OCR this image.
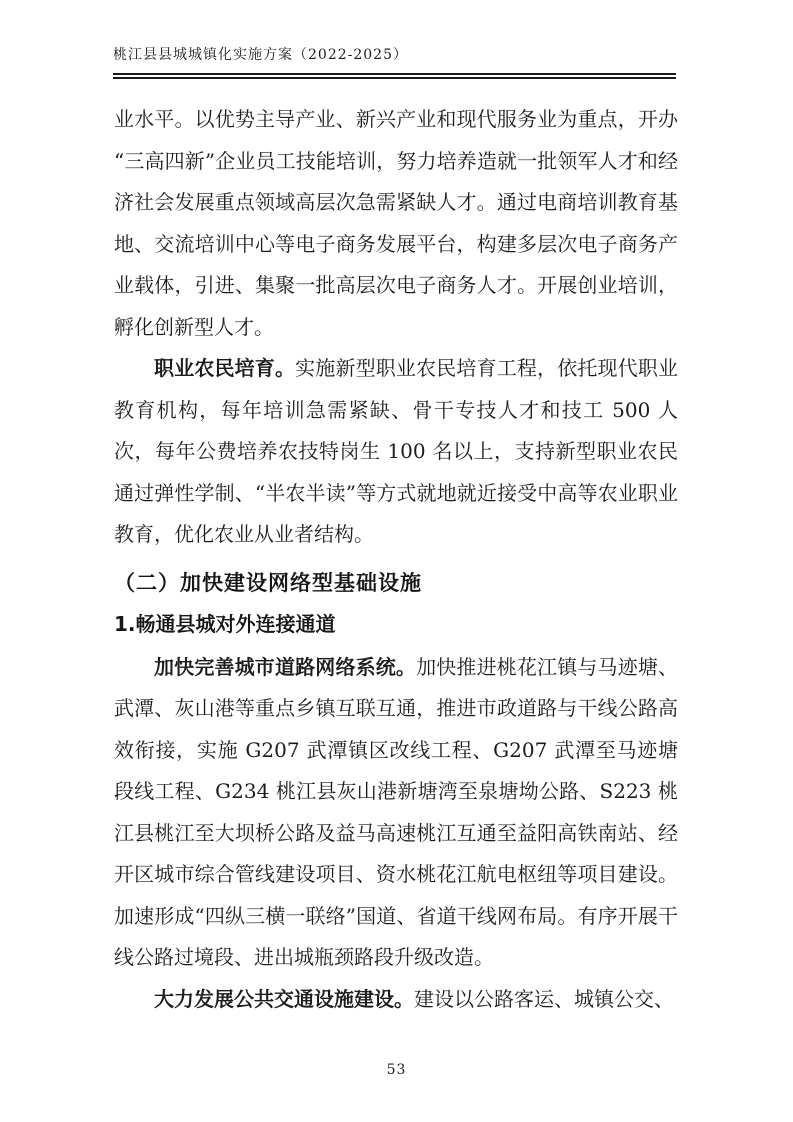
桃江县县城城镇化实施方案（2022-2025）

业水平。以优势主导产业、新兴产业和现代服务业为重点，开办“三高四新”企业员工技能培训，努力培养造就一批领军人才和经济社会发展重点领域高层次急需紧缺人才。通过电商培训教育基地、交流培训中心等电子商务发展平台，构建多层次电子商务产业载体，引进、集聚一批高层次电子商务人才。开展创业培训，孵化创新型人才。

职业农民培育。实施新型职业农民培育工程，依托现代职业教育机构，每年培训急需紧缺、骨干专技人才和技工 500 人次，每年公费培养农技特岗生 100 名以上，支持新型职业农民通过弹性学制、“半农半读”等方式就地就近接受中高等农业职业教育，优化农业从业者结构。

（二）加快建设网络型基础设施
1.畅通县城对外连接通道

加快完善城市道路网络系统。加快推进桃花江镇与马迹塘、武潭、灰山港等重点乡镇互联互通，推进市政道路与干线公路高效衔接，实施 G207 武潭镇区改线工程、G207 武潭至马迹塘段线工程、G234 桃江县灰山港新塘湾至泉塘坳公路、S223 桃江县桃江至大坝桥公路及益马高速桃江互通至益阳高铁南站、经开区城市综合管线建设项目、资水桃花江航电枢纽等项目建设。加速形成“四纵三横一联络”国道、省道干线网布局。有序开展干线公路过境段、进出城瓶颈路段升级改造。

大力发展公共交通设施建设。建设以公路客运、城镇公交、

53
